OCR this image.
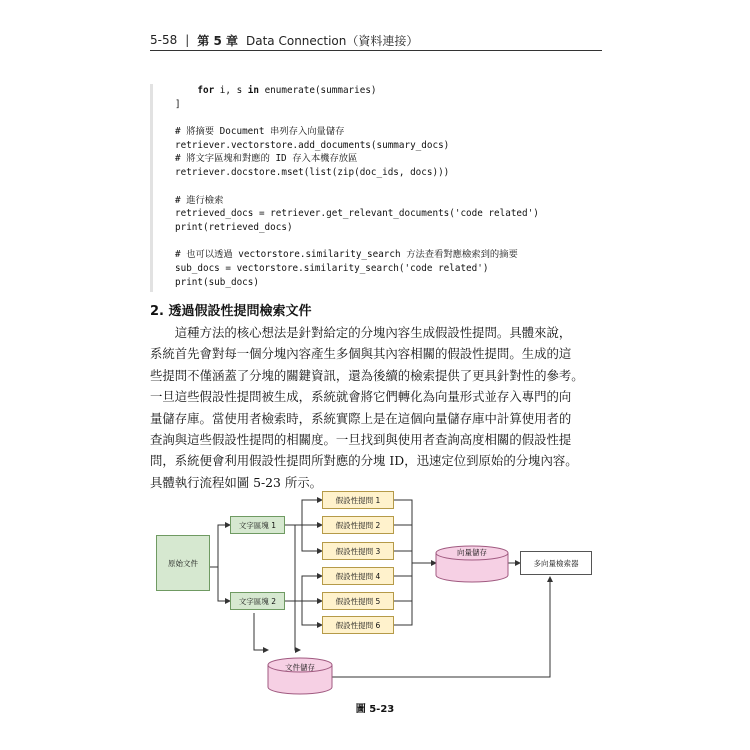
5-58 | 第 5 章 Data Connection（資料連接）
for i, s in enumerate(summaries)
]
# 將摘要 Document 串列存入向量儲存
retriever.vectorstore.add_documents(summary_docs)
# 將文字區塊和對應的 ID 存入本機存放區
retriever.docstore.mset(list(zip(doc_ids, docs)))
# 進行檢索
retrieved_docs = retriever.get_relevant_documents('code related')
print(retrieved_docs)
# 也可以透過 vectorstore.similarity_search 方法查看對應檢索到的摘要
sub_docs = vectorstore.similarity_search('code related')
print(sub_docs)
2. 透過假設性提問檢索文件
　　這種方法的核心想法是針對給定的分塊內容生成假設性提問。具體來說，
系統首先會對每一個分塊內容產生多個與其內容相關的假設性提問。生成的這
些提問不僅涵蓋了分塊的關鍵資訊，還為後續的檢索提供了更具針對性的參考。
一旦這些假設性提問被生成，系統就會將它們轉化為向量形式並存入專門的向
量儲存庫。當使用者檢索時，系統實際上是在這個向量儲存庫中計算使用者的
查詢與這些假設性提問的相關度。一旦找到與使用者查詢高度相關的假設性提
問，系統便會利用假設性提問所對應的分塊 ID，迅速定位到原始的分塊內容。
具體執行流程如圖 5-23 所示。
原始文件
文字區塊 1
文字區塊 2
假設性提問 1
假設性提問 2
假設性提問 3
假設性提問 4
假設性提問 5
假設性提問 6
向量儲存
多向量檢索器
文件儲存
圖 5-23
